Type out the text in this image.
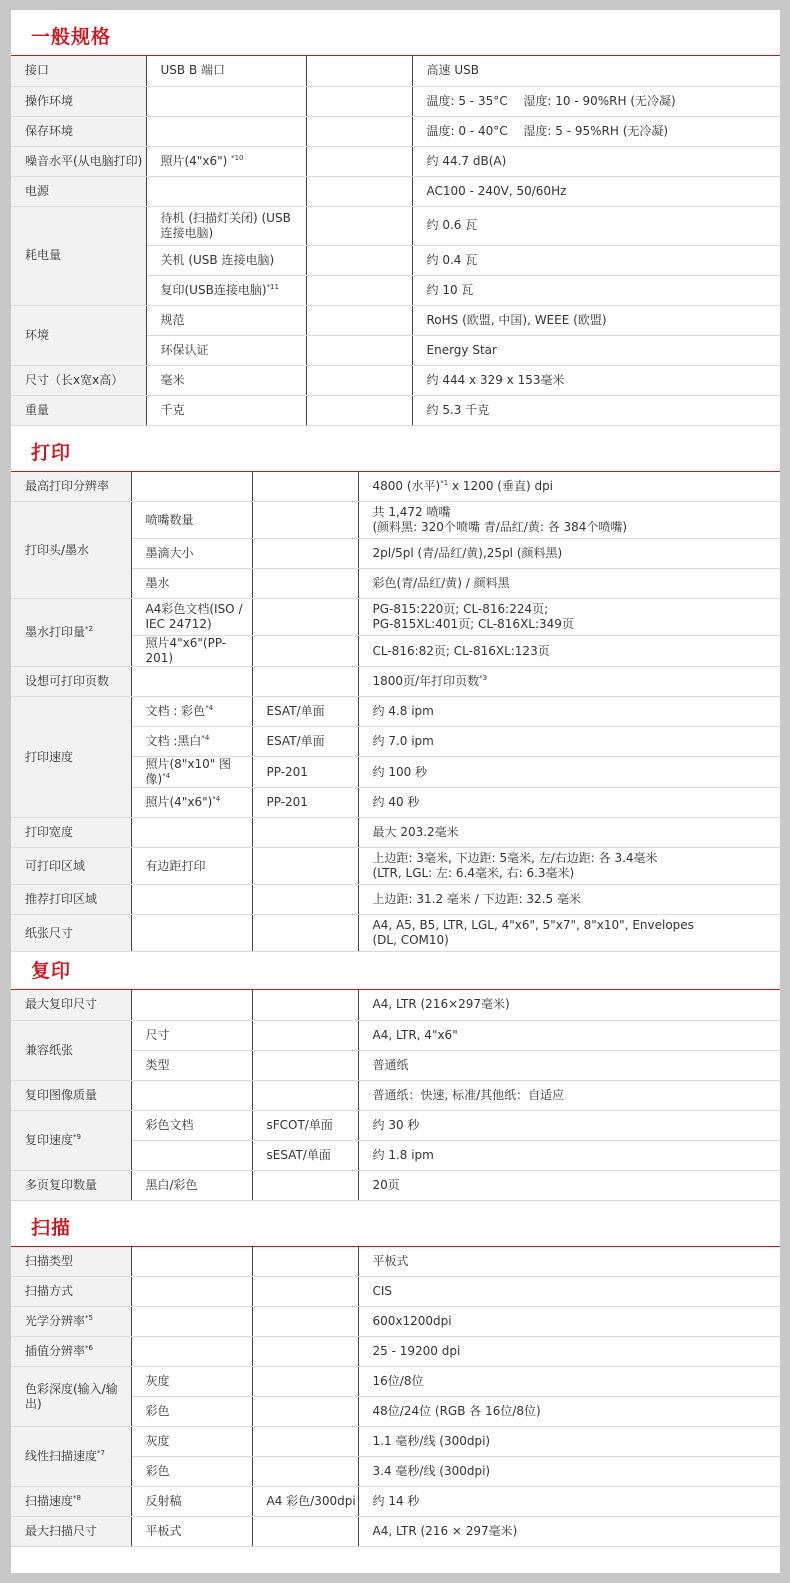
一般规格
接口	USB B 端口		高速 USB
操作环境			温度: 5 - 35°C　 湿度: 10 - 90%RH (无冷凝)
保存环境			温度: 0 - 40°C　 湿度: 5 - 95%RH (无冷凝)
噪音水平(从电脑打印)	照片(4"x6") $^{*10}$		约 44.7 dB(A)
电源			AC100 - 240V, 50/60Hz
耗电量	待机 (扫描灯关闭) (USB 连接电脑)		约 0.6 瓦
	关机 (USB 连接电脑)		约 0.4 瓦
	复印(USB连接电脑)$^{*11}$		约 10 瓦
环境	规范		RoHS (欧盟, 中国), WEEE (欧盟)
	环保认证		Energy Star
尺寸（长x宽x高）	毫米		约 444 x 329 x 153毫米
重量	千克		约 5.3 千克
打印
最高打印分辨率			4800 (水平)$^{*1}$ x 1200 (垂直) dpi
打印头/墨水	喷嘴数量		共 1,472 喷嘴
(颜料黑: 320个喷嘴 青/品红/黄: 各 384个喷嘴)

	墨滴大小		2pl/5pl (青/品红/黄),25pl (颜料黑)
	墨水		彩色(青/品红/黄) / 颜料黑
墨水打印量$^{*2}$	A4彩色文档(ISO / IEC 24712)		PG-815:220页; CL-816:224页;
PG-815XL:401页; CL-816XL:349页

	照片4"x6"(PP-201)		CL-816:82页; CL-816XL:123页
设想可打印页数			1800页/年打印页数$^{*3}$
打印速度	文档 : 彩色$^{*4}$	ESAT/单面	约 4.8 ipm
	文档 :黑白$^{*4}$	ESAT/单面	约 7.0 ipm
	照片(8"x10" 图像)$^{*4}$	PP-201	约 100 秒
	照片(4"x6")$^{*4}$	PP-201	约 40 秒
打印宽度			最大 203.2毫米
可打印区域	有边距打印		上边距: 3毫米, 下边距: 5毫米, 左/右边距: 各 3.4毫米
(LTR, LGL: 左: 6.4毫米, 右: 6.3毫米)

推荐打印区域			上边距: 31.2 毫米 / 下边距: 32.5 毫米
纸张尺寸			A4, A5, B5, LTR, LGL, 4"x6", 5"x7", 8"x10", Envelopes
(DL, COM10)
复印
最大复印尺寸			A4, LTR (216×297毫米)
兼容纸张	尺寸		A4, LTR, 4"x6"
	类型		普通纸
复印图像质量			普通纸：快速, 标准/其他纸：自适应
复印速度$^{*9}$	彩色文档	sFCOT/单面	约 30 秒
		sESAT/单面	约 1.8 ipm
多页复印数量	黑白/彩色		20页
扫描
扫描类型			平板式
扫描方式			CIS
光学分辨率$^{*5}$			600x1200dpi
插值分辨率$^{*6}$			25 - 19200 dpi
色彩深度(输入/输出)	灰度		16位/8位
	彩色		48位/24位 (RGB 各 16位/8位)
线性扫描速度$^{*7}$	灰度		1.1 毫秒/线 (300dpi)
	彩色		3.4 毫秒/线 (300dpi)
扫描速度$^{*8}$	反射稿	A4 彩色/300dpi	约 14 秒
最大扫描尺寸	平板式		A4, LTR (216 × 297毫米)
